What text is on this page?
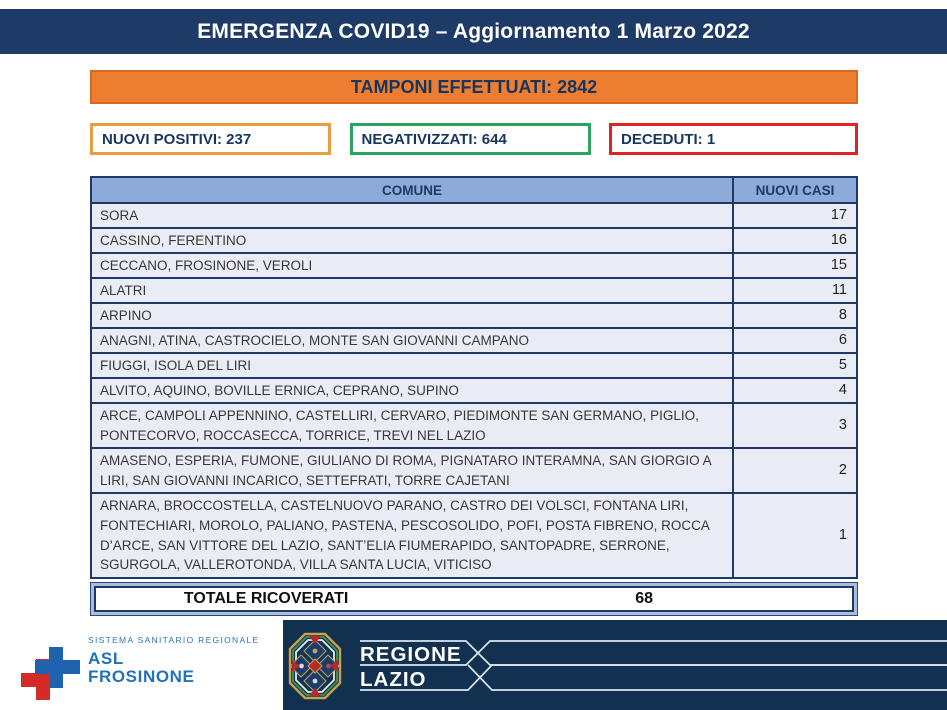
EMERGENZA COVID19 – Aggiornamento 1 Marzo 2022
TAMPONI EFFETTUATI: 2842
NUOVI POSITIVI: 237	NEGATIVIZZATI: 644	DECEDUTI: 1
COMUNE	NUOVI CASI
SORA	17
CASSINO, FERENTINO	16
CECCANO, FROSINONE, VEROLI	15
ALATRI	11
ARPINO	8
ANAGNI, ATINA, CASTROCIELO, MONTE SAN GIOVANNI CAMPANO	6
FIUGGI, ISOLA DEL LIRI	5
ALVITO, AQUINO, BOVILLE ERNICA, CEPRANO, SUPINO	4
ARCE, CAMPOLI APPENNINO, CASTELLIRI, CERVARO, PIEDIMONTE SAN GERMANO, PIGLIO, PONTECORVO, ROCCASECCA, TORRICE, TREVI NEL LAZIO	3
AMASENO, ESPERIA, FUMONE, GIULIANO DI ROMA, PIGNATARO INTERAMNA, SAN GIORGIO A LIRI, SAN GIOVANNI INCARICO, SETTEFRATI, TORRE CAJETANI	2
ARNARA, BROCCOSTELLA, CASTELNUOVO PARANO, CASTRO DEI VOLSCI, FONTANA LIRI, FONTECHIARI, MOROLO, PALIANO, PASTENA, PESCOSOLIDO, POFI, POSTA FIBRENO, ROCCA D’ARCE, SAN VITTORE DEL LAZIO, SANT’ELIA FIUMERAPIDO, SANTOPADRE, SERRONE, SGURGOLA, VALLEROTONDA, VILLA SANTA LUCIA, VITICISO	1
TOTALE RICOVERATI	68
SISTEMA SANITARIO REGIONALE
ASL
FROSINONE
REGIONE
LAZIO
